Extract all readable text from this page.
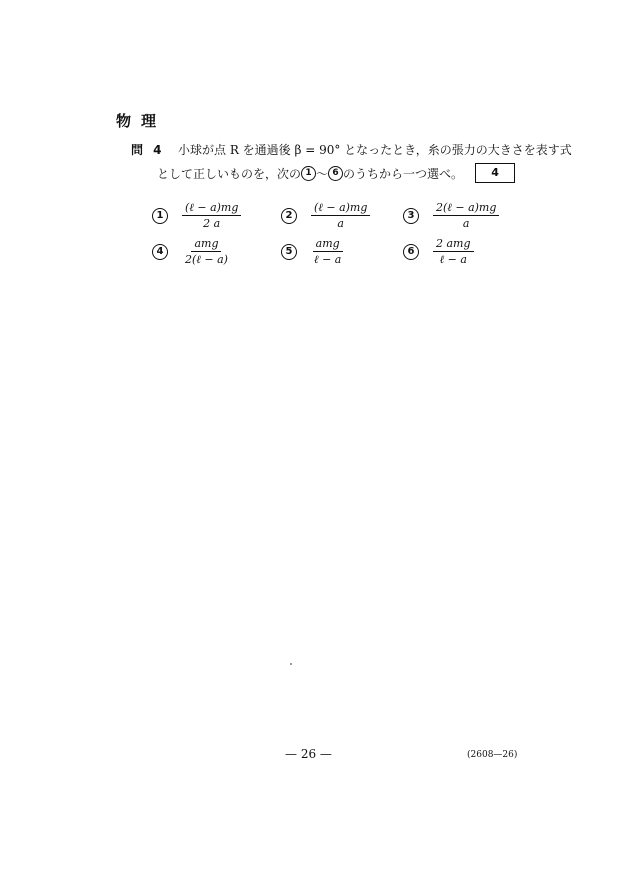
物理
問 4 小球が点 R を通過後 β = 90° となったとき，糸の張力の大きさを表す式
として正しいものを，次の 1 ～ 6 のうちから一つ選べ。	4
1	$\frac{\text{(ℓ − a)mg}}{2 a}$	2	$\frac{\text{(ℓ − a)mg}}{a}$	3	$\frac{\text{2(ℓ − a)mg}}{a}$
4	$\frac{\text{amg}}{\text{2(ℓ − a)}}$	5	$\frac{\text{amg}}{\text{ℓ − a}}$	6	$\frac{\text{2 amg}}{\text{ℓ − a}}$
— 26 —	(2608—26)
